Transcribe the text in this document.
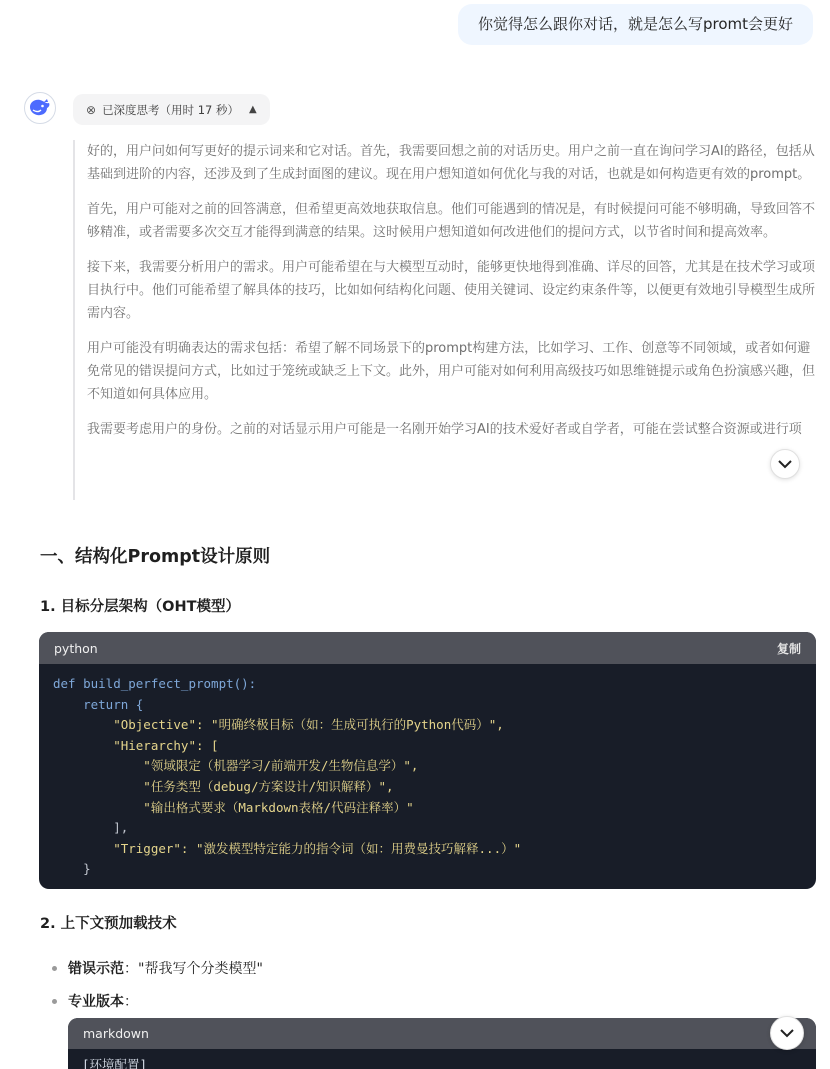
你觉得怎么跟你对话，就是怎么写promt会更好
⊗ 已深度思考（用时 17 秒） ▲

好的，用户问如何写更好的提示词来和它对话。首先，我需要回想之前的对话历史。用户之前一直在询问学习AI的路径，包括从基础到进阶的内容，还涉及到了生成封面图的建议。现在用户想知道如何优化与我的对话，也就是如何构造更有效的prompt。

首先，用户可能对之前的回答满意，但希望更高效地获取信息。他们可能遇到的情况是，有时候提问可能不够明确，导致回答不够精准，或者需要多次交互才能得到满意的结果。这时候用户想知道如何改进他们的提问方式，以节省时间和提高效率。

接下来，我需要分析用户的需求。用户可能希望在与大模型互动时，能够更快地得到准确、详尽的回答，尤其是在技术学习或项目执行中。他们可能希望了解具体的技巧，比如如何结构化问题、使用关键词、设定约束条件等，以便更有效地引导模型生成所需内容。

用户可能没有明确表达的需求包括：希望了解不同场景下的prompt构建方法，比如学习、工作、创意等不同领域，或者如何避免常见的错误提问方式，比如过于笼统或缺乏上下文。此外，用户可能对如何利用高级技巧如思维链提示或角色扮演感兴趣，但不知道如何具体应用。

我需要考虑用户的身份。之前的对话显示用户可能是一名刚开始学习AI的技术爱好者或自学者，可能在尝试整合资源或进行项

一、结构化Prompt设计原则
1. 目标分层架构（OHT模型）
python	复制
def build_perfect_prompt():
return {
"Objective": "明确终极目标（如：生成可执行的Python代码）",
"Hierarchy": [
"领域限定（机器学习/前端开发/生物信息学）",
"任务类型（debug/方案设计/知识解释）",
"输出格式要求（Markdown表格/代码注释率）"
],
"Trigger": "激发模型特定能力的指令词（如：用费曼技巧解释...）"
}
2. 上下文预加载技术
错误示范 ： "帮我写个分类模型"
专业版本 ：
markdown
[环境配置]
